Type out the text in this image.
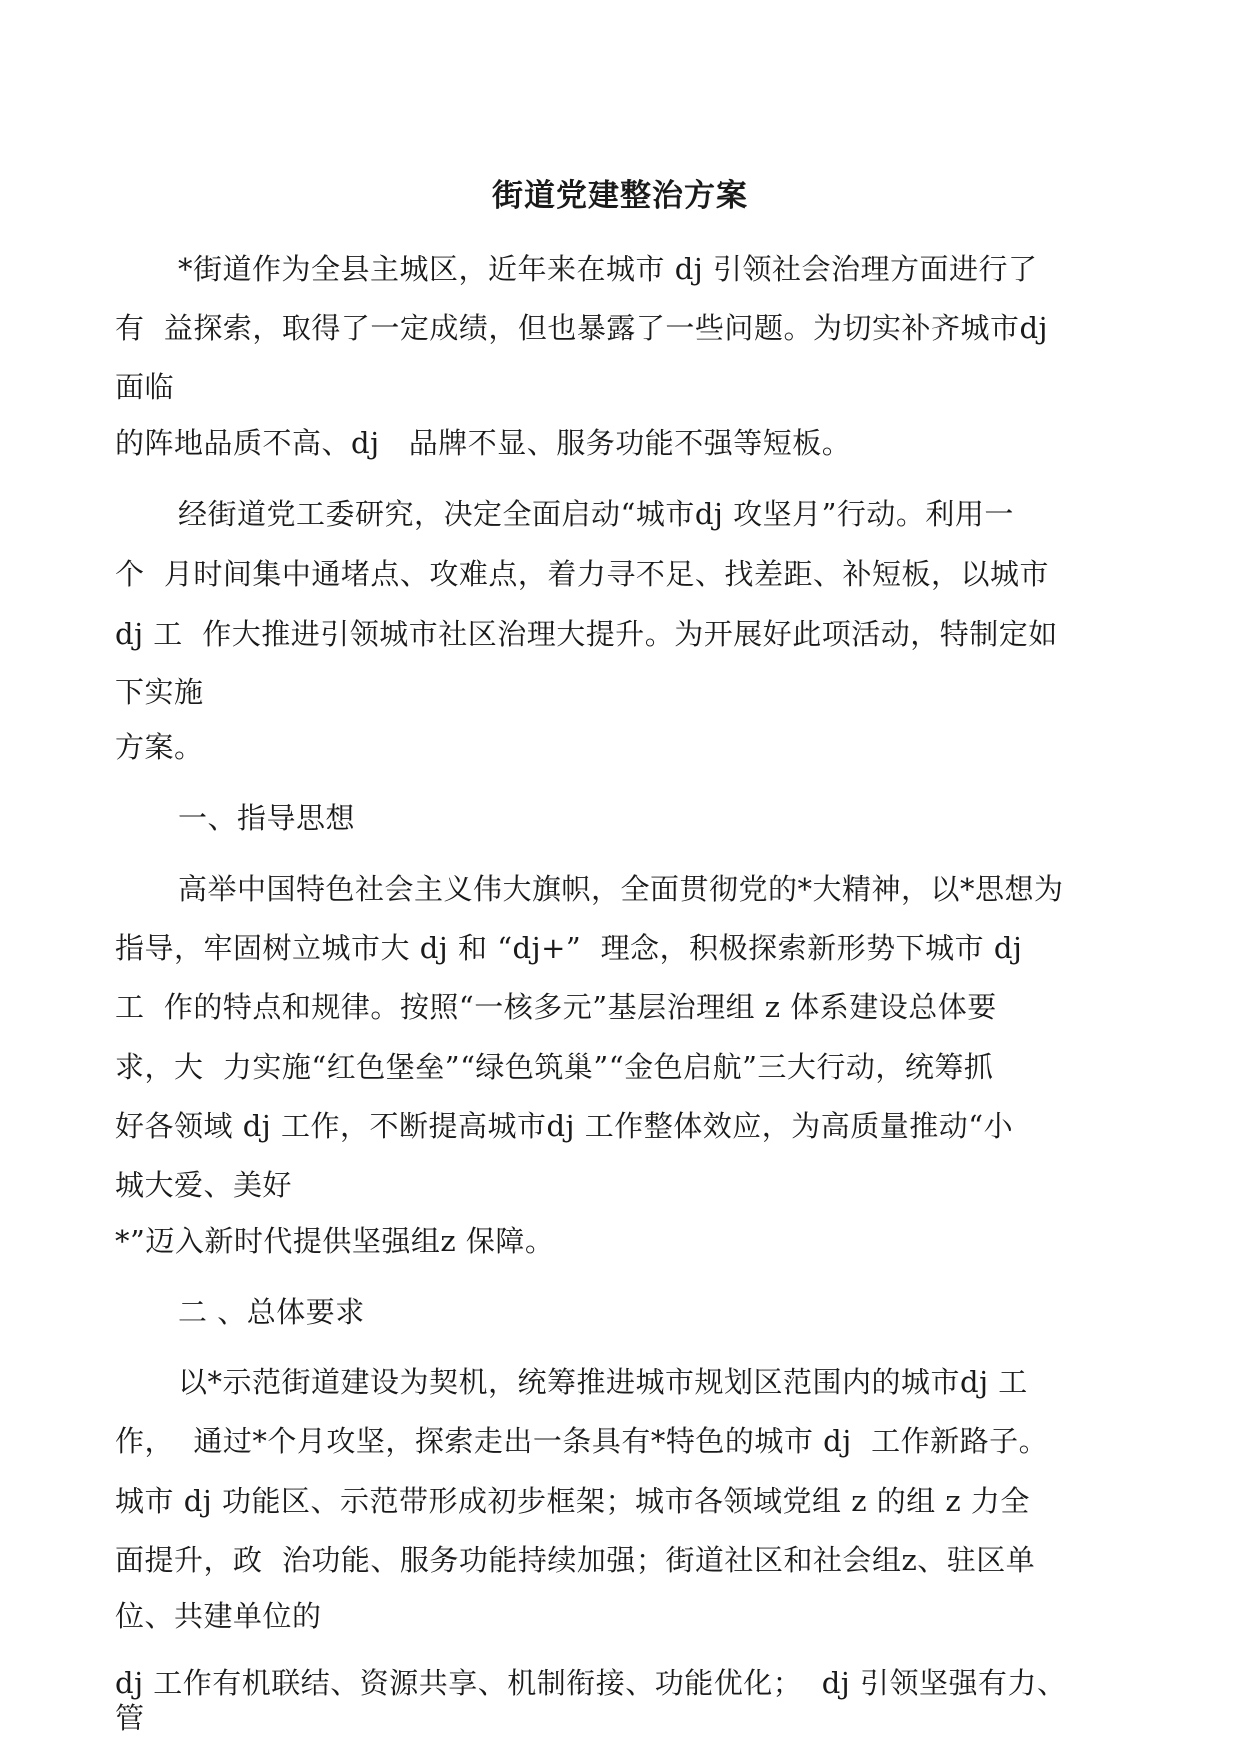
街道党建整治方案
*街道作为全县主城区，近年来在城市 dj 引领社会治理方面进行了
有  益探索，取得了一定成绩，但也暴露了一些问题。为切实补齐城市dj
面临
的阵地品质不高、dj   品牌不显、服务功能不强等短板。
经街道党工委研究，决定全面启动“城市dj 攻坚月”行动。利用一
个  月时间集中通堵点、攻难点，着力寻不足、找差距、补短板，以城市
dj 工  作大推进引领城市社区治理大提升。为开展好此项活动，特制定如
下实施
方案。
一、指导思想
高举中国特色社会主义伟大旗帜，全面贯彻党的*大精神，以*思想为
指导，牢固树立城市大 dj 和 “dj+”  理念，积极探索新形势下城市 dj
工  作的特点和规律。按照“一核多元”基层治理组 z 体系建设总体要
求，大  力实施“红色堡垒”“绿色筑巢”“金色启航”三大行动，统筹抓
好各领域 dj 工作，不断提高城市dj 工作整体效应，为高质量推动“小
城大爱、美好
*”迈入新时代提供坚强组z 保障。
二 、总体要求
以*示范街道建设为契机，统筹推进城市规划区范围内的城市dj 工
作，  通过*个月攻坚，探索走出一条具有*特色的城市 dj  工作新路子。
城市 dj 功能区、示范带形成初步框架；城市各领域党组 z 的组 z 力全
面提升，政  治功能、服务功能持续加强；街道社区和社会组z、驻区单
位、共建单位的
dj 工作有机联结、资源共享、机制衔接、功能优化；  dj 引领坚强有力、
管
